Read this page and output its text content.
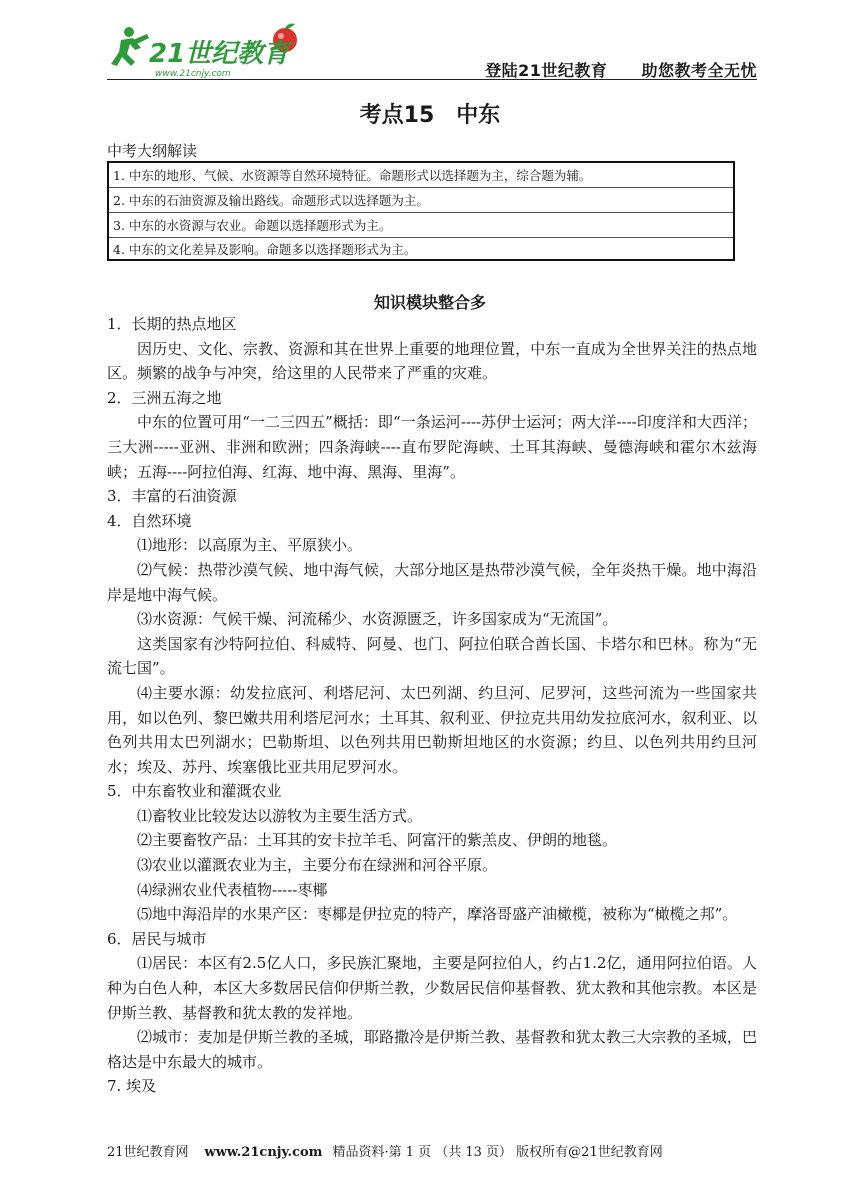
21世纪教育
www.21cnjy.com	登陆21世纪教育 助您教考全无忧
考点15 中东
中考大纲解读
1. 中东的地形、气候、水资源等自然环境特征。命题形式以选择题为主，综合题为辅。
2. 中东的石油资源及输出路线。命题形式以选择题为主。
3. 中东的水资源与农业。命题以选择题形式为主。
4. 中东的文化差异及影响。命题多以选择题形式为主。
知识模块整合多

1．长期的热点地区

因历史、文化、宗教、资源和其在世界上重要的地理位置，中东一直成为全世界关注的热点地区。频繁的战争与冲突，给这里的人民带来了严重的灾难。

2．三洲五海之地

中东的位置可用“一二三四五”概括：即“一条运河----苏伊士运河；两大洋----印度洋和大西洋；三大洲-----亚洲、非洲和欧洲；四条海峡----直布罗陀海峡、土耳其海峡、曼德海峡和霍尔木兹海峡；五海----阿拉伯海、红海、地中海、黑海、里海”。

3．丰富的石油资源

4．自然环境

⑴地形：以高原为主、平原狭小。

⑵气候：热带沙漠气候、地中海气候，大部分地区是热带沙漠气候，全年炎热干燥。地中海沿岸是地中海气候。

⑶水资源：气候干燥、河流稀少、水资源匮乏，许多国家成为“无流国”。

这类国家有沙特阿拉伯、科威特、阿曼、也门、阿拉伯联合酋长国、卡塔尔和巴林。称为“无流七国”。

⑷主要水源：幼发拉底河、利塔尼河、太巴列湖、约旦河、尼罗河，这些河流为一些国家共用，如以色列、黎巴嫩共用利塔尼河水；土耳其、叙利亚、伊拉克共用幼发拉底河水，叙利亚、以色列共用太巴列湖水；巴勒斯坦、以色列共用巴勒斯坦地区的水资源；约旦、以色列共用约旦河水；埃及、苏丹、埃塞俄比亚共用尼罗河水。

5．中东畜牧业和灌溉农业

⑴畜牧业比较发达以游牧为主要生活方式。

⑵主要畜牧产品：土耳其的安卡拉羊毛、阿富汗的紫羔皮、伊朗的地毯。

⑶农业以灌溉农业为主，主要分布在绿洲和河谷平原。

⑷绿洲农业代表植物-----枣椰

⑸地中海沿岸的水果产区：枣椰是伊拉克的特产，摩洛哥盛产油橄榄，被称为“橄榄之邦”。

6．居民与城市

⑴居民：本区有2.5亿人口，多民族汇聚地，主要是阿拉伯人，约占1.2亿，通用阿拉伯语。人种为白色人种，本区大多数居民信仰伊斯兰教，少数居民信仰基督教、犹太教和其他宗教。本区是伊斯兰教、基督教和犹太教的发祥地。

⑵城市：麦加是伊斯兰教的圣城，耶路撒冷是伊斯兰教、基督教和犹太教三大宗教的圣城，巴格达是中东最大的城市。

7. 埃及

21世纪教育网 www.21cnjy.com 精品资料·第 1 页 （共 13 页） 版权所有@21世纪教育网
